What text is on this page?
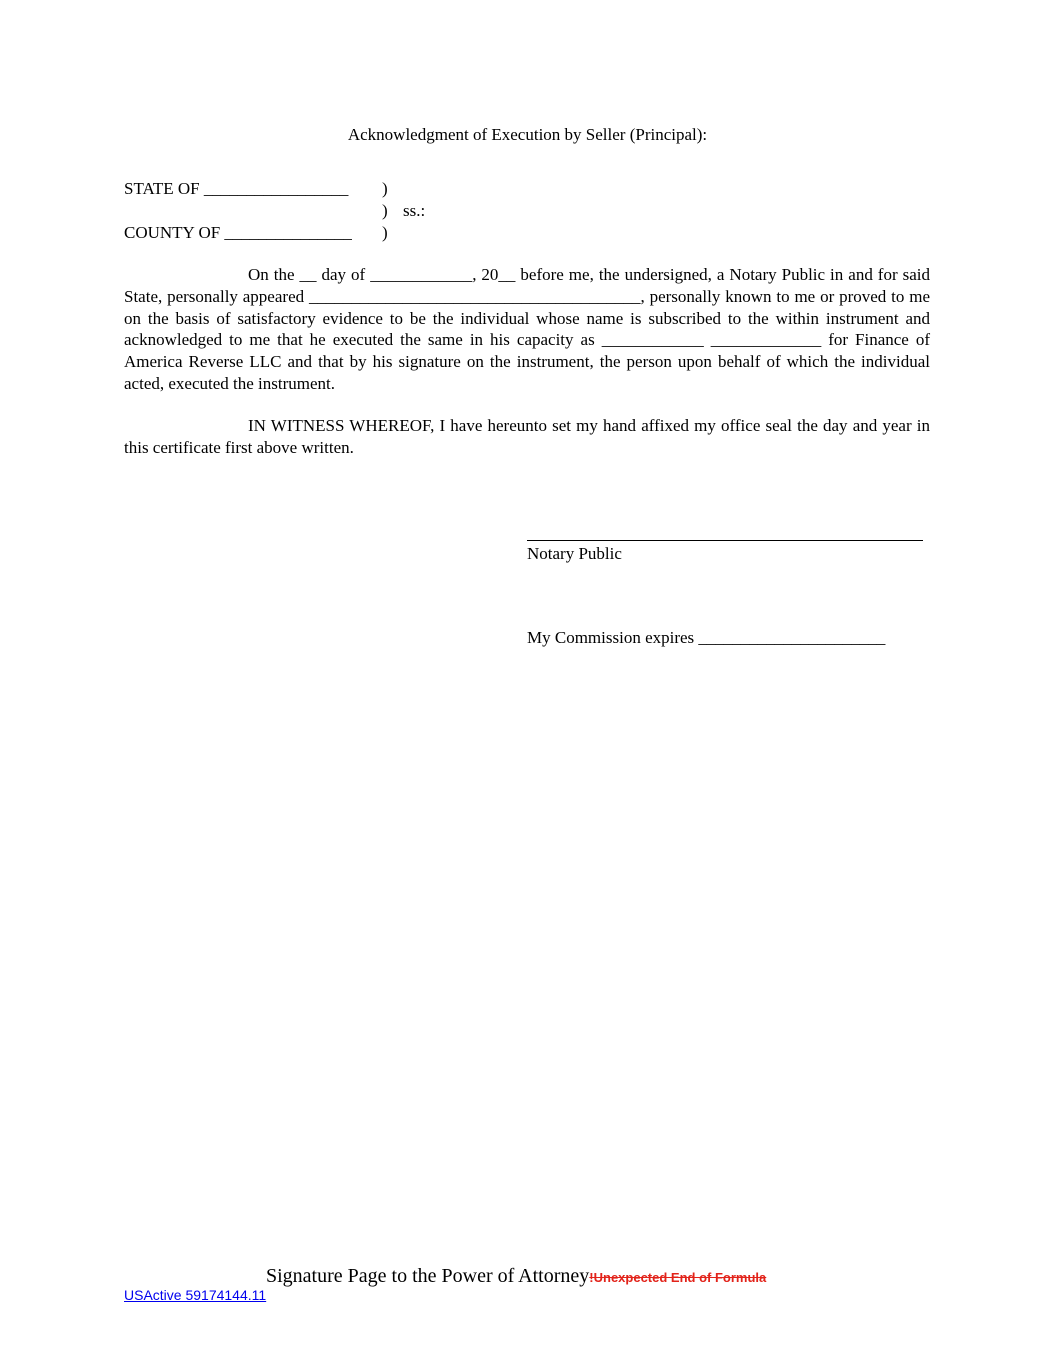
Acknowledgment of Execution by Seller (Principal):
STATE OF _________________ )
) ss.:
COUNTY OF _______________ )

On the __ day of ____________, 20__ before me, the undersigned, a Notary Public in and for said State, personally appeared _______________________________________, personally known to me or proved to me on the basis of satisfactory evidence to be the individual whose name is subscribed to the within instrument and acknowledged to me that he executed the same in his capacity as ____________ _____________ for Finance of America Reverse LLC and that by his signature on the instrument, the person upon behalf of which the individual acted, executed the instrument.

IN WITNESS WHEREOF, I have hereunto set my hand affixed my office seal the day and year in this certificate first above written.

Notary Public
My Commission expires ______________________
Signature Page to the Power of Attorney!Unexpected End of Formula
USActive 59174144.11
